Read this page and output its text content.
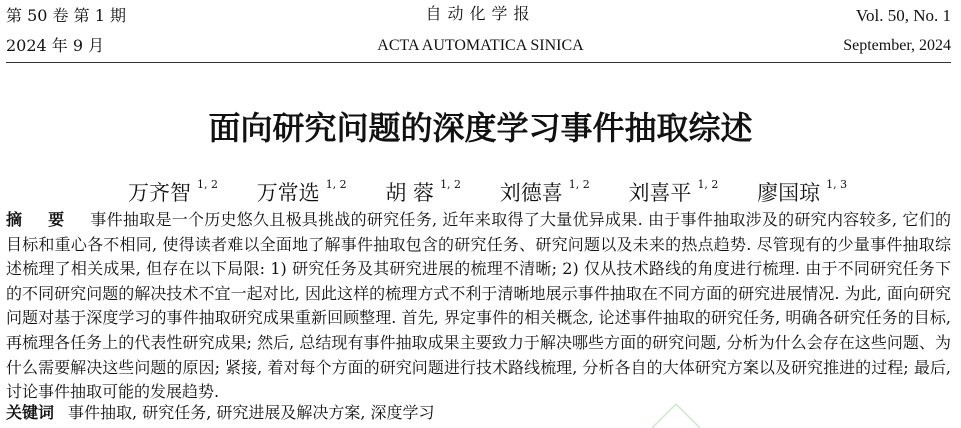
第 50 卷 第 1 期
2024 年 9 月
自动化学报
ACTA AUTOMATICA SINICA
Vol. 50, No. 1
September, 2024
面向研究问题的深度学习事件抽取综述
万齐智 $^{1, 2}$ 万常选 $^{1, 2}$ 胡 蓉 $^{1, 2}$ 刘德喜 $^{1, 2}$ 刘喜平 $^{1, 2}$ 廖国琼 $^{1, 3}$
摘 要 事件抽取是一个历史悠久且极具挑战的研究任务, 近年来取得了大量优异成果. 由于事件抽取涉及的研究内容较多, 它们的目标和重心各不相同, 使得读者难以全面地了解事件抽取包含的研究任务、研究问题以及未来的热点趋势. 尽管现有的少量事件抽取综述梳理了相关成果, 但存在以下局限: 1) 研究任务及其研究进展的梳理不清晰; 2) 仅从技术路线的角度进行梳理. 由于不同研究任务下的不同研究问题的解决技术不宜一起对比, 因此这样的梳理方式不利于清晰地展示事件抽取在不同方面的研究进展情况. 为此, 面向研究问题对基于深度学习的事件抽取研究成果重新回顾整理. 首先, 界定事件的相关概念, 论述事件抽取的研究任务, 明确各研究任务的目标, 再梳理各任务上的代表性研究成果; 然后, 总结现有事件抽取成果主要致力于解决哪些方面的研究问题, 分析为什么会存在这些问题、为什么需要解决这些问题的原因; 紧接, 着对每个方面的研究问题进行技术路线梳理, 分析各自的大体研究方案以及研究推进的过程; 最后, 讨论事件抽取可能的发展趋势.
关键词 事件抽取, 研究任务, 研究进展及解决方案, 深度学习
